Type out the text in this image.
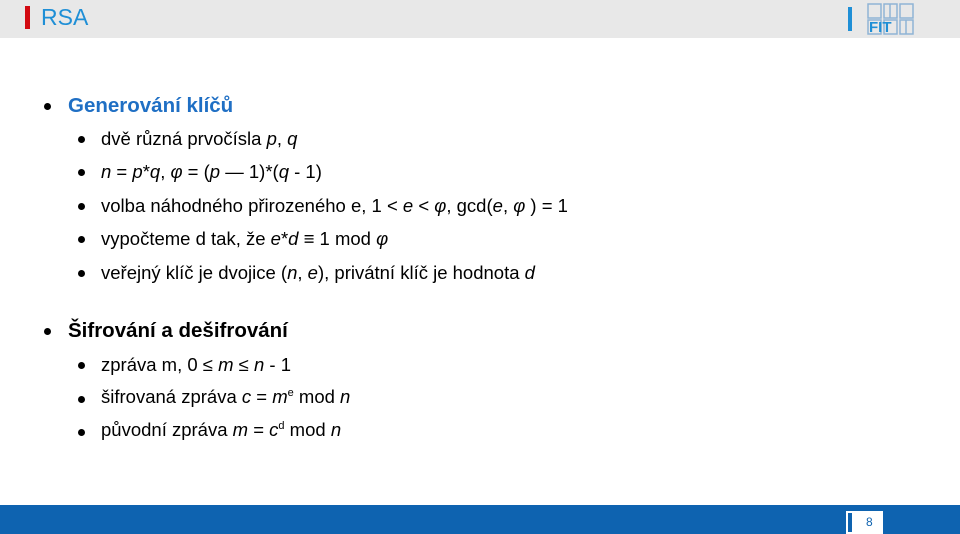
RSA	FIT
Generování klíčů
dvě různá prvočísla p, q
n = p*q, φ = (p — 1)*(q - 1)
volba náhodného přirozeného e, 1 < e < φ, gcd(e, φ ) = 1
vypočteme d tak, že e*d ≡ 1 mod φ
veřejný klíč je dvojice (n, e), privátní klíč je hodnota d
Šifrování a dešifrování
zpráva m, 0 ≤ m ≤ n - 1
šifrovaná zpráva $c = m^e$ mod n
původní zpráva $m = c^d$ mod n
8
